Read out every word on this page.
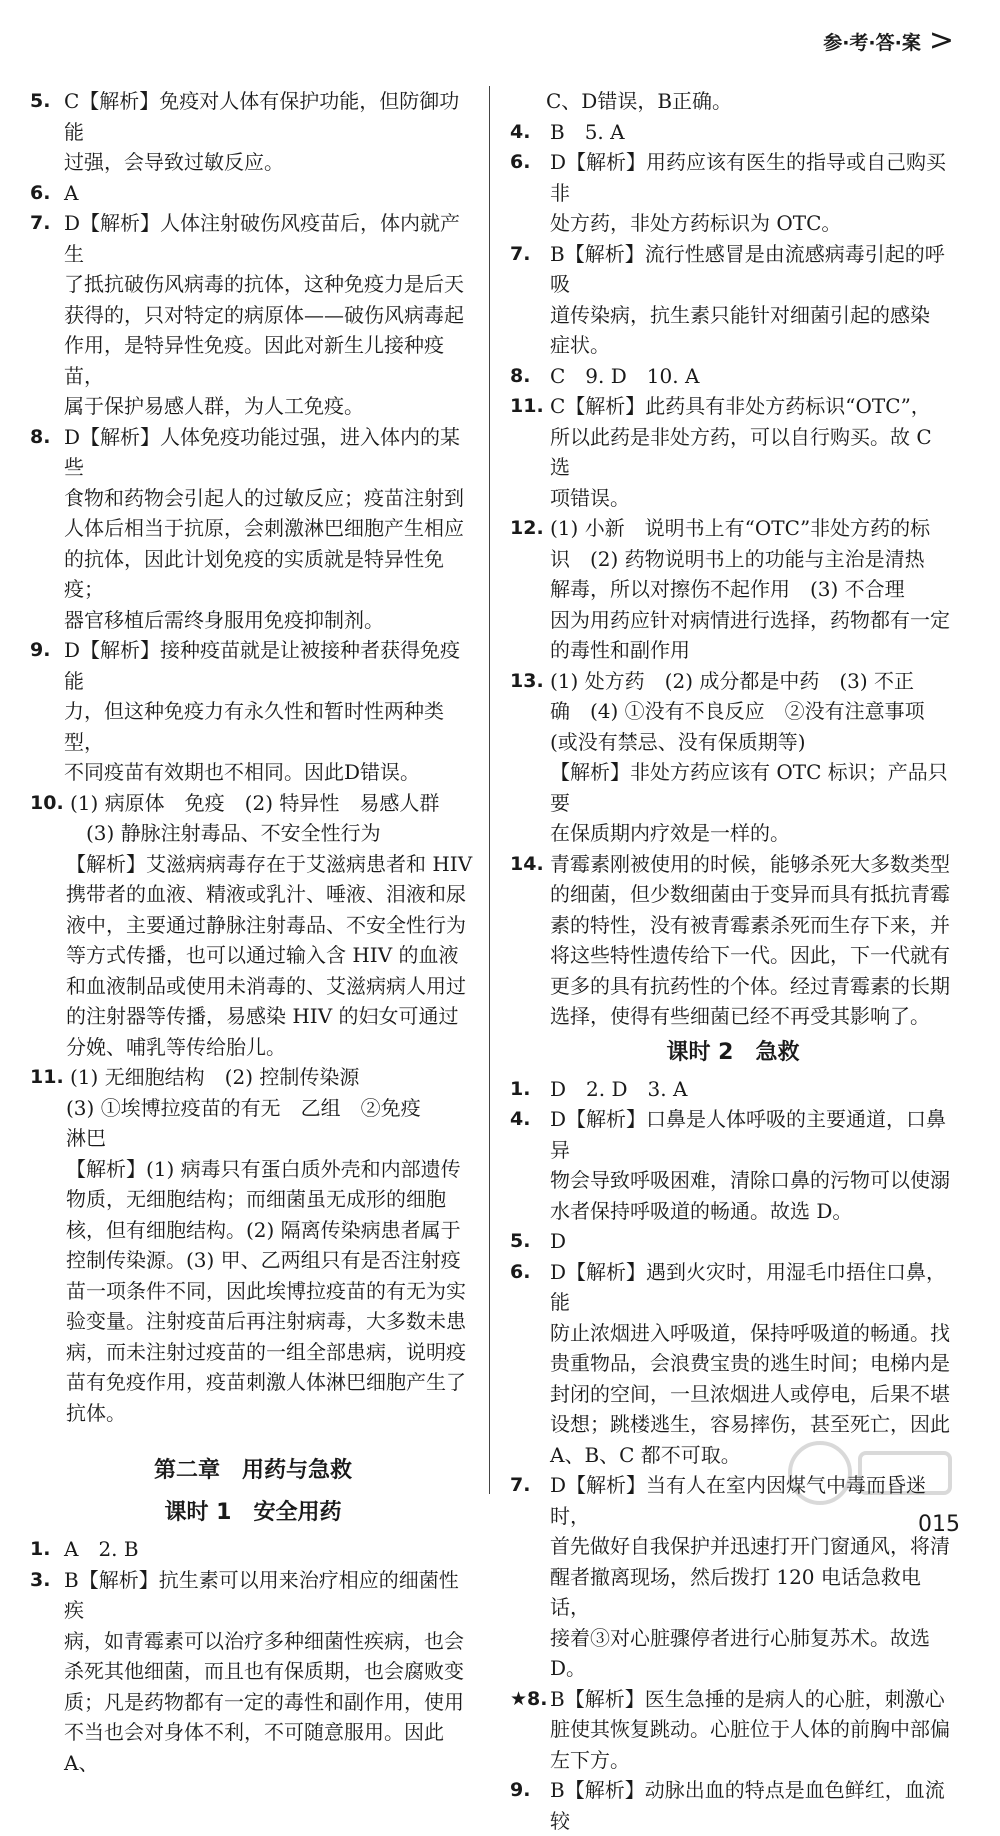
参·考·答·案 >
5. C【解析】免疫对人体有保护功能，但防御功能
过强，会导致过敏反应。
6. A
7. D【解析】人体注射破伤风疫苗后，体内就产生
了抵抗破伤风病毒的抗体，这种免疫力是后天
获得的，只对特定的病原体——破伤风病毒起
作用，是特异性免疫。因此对新生儿接种疫苗，
属于保护易感人群，为人工免疫。
8. D【解析】人体免疫功能过强，进入体内的某些
食物和药物会引起人的过敏反应；疫苗注射到
人体后相当于抗原，会刺激淋巴细胞产生相应
的抗体，因此计划免疫的实质就是特异性免疫；
器官移植后需终身服用免疫抑制剂。
9. D【解析】接种疫苗就是让被接种者获得免疫能
力，但这种免疫力有永久性和暂时性两种类型，
不同疫苗有效期也不相同。因此D错误。
10. (1) 病原体　免疫　(2) 特异性　易感人群
(3) 静脉注射毒品、不安全性行为
【解析】艾滋病病毒存在于艾滋病患者和 HIV
携带者的血液、精液或乳汁、唾液、泪液和尿
液中，主要通过静脉注射毒品、不安全性行为
等方式传播，也可以通过输入含 HIV 的血液
和血液制品或使用未消毒的、艾滋病病人用过
的注射器等传播，易感染 HIV 的妇女可通过
分娩、哺乳等传给胎儿。
11. (1) 无细胞结构　(2) 控制传染源
(3) ①埃博拉疫苗的有无　乙组　②免疫
淋巴
【解析】(1) 病毒只有蛋白质外壳和内部遗传
物质，无细胞结构；而细菌虽无成形的细胞
核，但有细胞结构。(2) 隔离传染病患者属于
控制传染源。(3) 甲、乙两组只有是否注射疫
苗一项条件不同，因此埃博拉疫苗的有无为实
验变量。注射疫苗后再注射病毒，大多数未患
病，而未注射过疫苗的一组全部患病，说明疫
苗有免疫作用，疫苗刺激人体淋巴细胞产生了
抗体。
第二章　用药与急救
课时 1　安全用药
1. A　2. B
3. B【解析】抗生素可以用来治疗相应的细菌性疾
病，如青霉素可以治疗多种细菌性疾病，也会
杀死其他细菌，而且也有保质期，也会腐败变
质；凡是药物都有一定的毒性和副作用，使用
不当也会对身体不利，不可随意服用。因此 A、
C、D错误，B正确。
4. B　5. A
6. D【解析】用药应该有医生的指导或自己购买非
处方药，非处方药标识为 OTC。
7. B【解析】流行性感冒是由流感病毒引起的呼吸
道传染病，抗生素只能针对细菌引起的感染
症状。
8. C　9. D　10. A
11. C【解析】此药具有非处方药标识“OTC”，
所以此药是非处方药，可以自行购买。故 C 选
项错误。
12. (1) 小新　说明书上有“OTC”非处方药的标
识　(2) 药物说明书上的功能与主治是清热
解毒，所以对擦伤不起作用　(3) 不合理
因为用药应针对病情进行选择，药物都有一定
的毒性和副作用
13. (1) 处方药　(2) 成分都是中药　(3) 不正
确　(4) ①没有不良反应　②没有注意事项
(或没有禁忌、没有保质期等)
【解析】非处方药应该有 OTC 标识；产品只要
在保质期内疗效是一样的。
14. 青霉素刚被使用的时候，能够杀死大多数类型
的细菌，但少数细菌由于变异而具有抵抗青霉
素的特性，没有被青霉素杀死而生存下来，并
将这些特性遗传给下一代。因此，下一代就有
更多的具有抗药性的个体。经过青霉素的长期
选择，使得有些细菌已经不再受其影响了。
课时 2　急救
1. D　2. D　3. A
4. D【解析】口鼻是人体呼吸的主要通道，口鼻异
物会导致呼吸困难，清除口鼻的污物可以使溺
水者保持呼吸道的畅通。故选 D。
5. D
6. D【解析】遇到火灾时，用湿毛巾捂住口鼻，能
防止浓烟进入呼吸道，保持呼吸道的畅通。找
贵重物品，会浪费宝贵的逃生时间；电梯内是
封闭的空间，一旦浓烟进人或停电，后果不堪
设想；跳楼逃生，容易摔伤，甚至死亡，因此
A、B、C 都不可取。
7. D【解析】当有人在室内因煤气中毒而昏迷时，
首先做好自我保护并迅速打开门窗通风，将清
醒者撤离现场，然后拨打 120 电话急救电话，
接着③对心脏骤停者进行心肺复苏术。故选 D。
★8. B【解析】医生急捶的是病人的心脏，刺激心
脏使其恢复跳动。心脏位于人体的前胸中部偏
左下方。
9. B【解析】动脉出血的特点是血色鲜红，血流较
015
